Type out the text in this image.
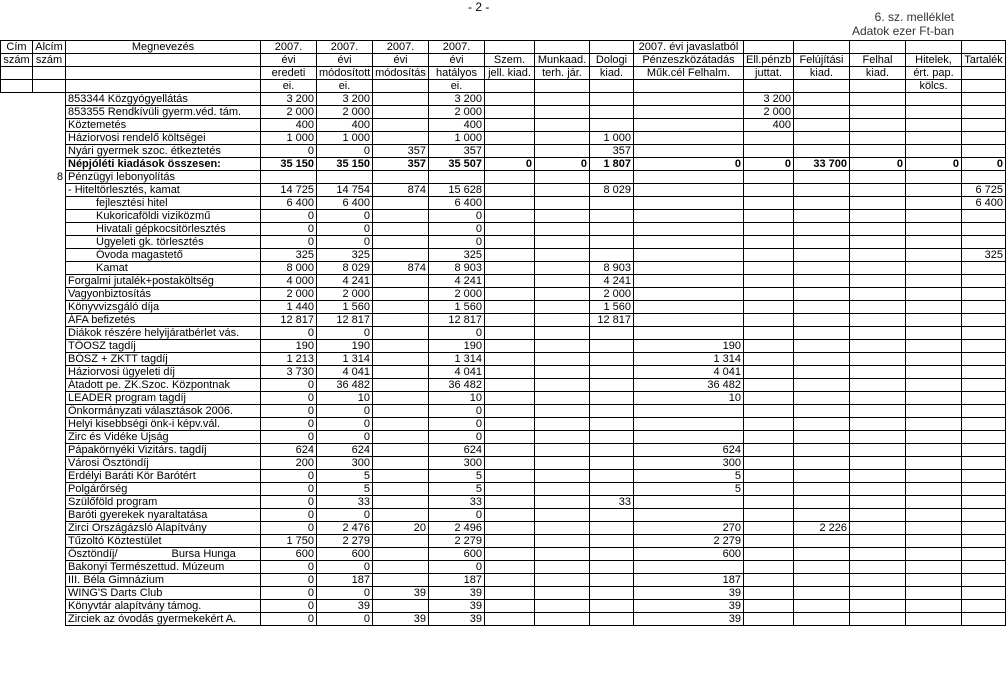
- 2 -
6. sz. melléklet
Adatok ezer Ft-ban
Cím	Alcím	Megnevezés	2007.	2007.	2007.	2007.				2007. évi javaslatból						
szám	szám		évi	évi	évi	évi	Szem.	Munkaad.	Dologi	Pénzeszközátadás	Ell.pénzb	Felújítási	Felhal	Hitelek,	Tartalék	
			eredeti	módosított	módosítás	hatályos	jell. kiad.	terh. jár.	kiad.	Műk.cél Felhalm.	juttat.	kiad.	kiad.	ért. pap.		
			ei.	ei.		ei.								kölcs.		
		853344 Közgyógyellátás	3 200	3 200		3 200					3 200					
		853355 Rendkívüli gyerm.véd. tám.	2 000	2 000		2 000					2 000					
		Köztemetés	400	400		400					400					
		Háziorvosi rendelő költségei	1 000	1 000		1 000			1 000							
		Nyári gyermek szoc. étkeztetés	0	0	357	357			357							
		Népjóléti kiadások összesen:	35 150	35 150	357	35 507	0	0	1 807	0	0	33 700	0	0	0	
	8	Pénzügyi lebonyolítás														
		- Hiteltörlesztés, kamat	14 725	14 754	874	15 628			8 029						6 725	
		fejlesztési hitel	6 400	6 400		6 400									6 400	
		Kukoricaföldi viziközmű	0	0		0										
		Hivatali gépkocsitörlesztés	0	0		0										
		Ügyeleti gk. törlesztés	0	0		0										
		Óvoda magastető	325	325		325									325	
		Kamat	8 000	8 029	874	8 903			8 903							
		Forgalmi jutalék+postaköltség	4 000	4 241		4 241			4 241							
		Vagyonbiztosítás	2 000	2 000		2 000			2 000							
		Könyvvizsgáló díja	1 440	1 560		1 560			1 560							
		ÁFA befizetés	12 817	12 817		12 817			12 817							
		Diákok részére helyijáratbérlet vás.	0	0		0										
		TÖOSZ tagdíj	190	190		190				190						
		BÖSZ + ZKTT tagdíj	1 213	1 314		1 314				1 314						
		Háziorvosi ügyeleti díj	3 730	4 041		4 041				4 041						
		Átadott pe. ZK.Szoc. Központnak	0	36 482		36 482				36 482						
		LEADER program tagdíj	0	10		10				10						
		Önkormányzati választások 2006.	0	0		0										
		Helyi kisebbségi önk-i képv.vál.	0	0		0										
		Zirc és Vidéke Újság	0	0		0										
		Pápakörnyéki Vizitárs. tagdíj	624	624		624				624						
		Városi Ösztöndíj	200	300		300				300						
		Erdélyi Baráti Kör Barótért	0	5		5				5						
		Polgárőrség	0	5		5				5						
		Szülőföld program	0	33		33			33							
		Baróti gyerekek nyaraltatása	0	0		0										
		Zirci Országázsló Alapítvány	0	2 476	20	2 496				270		2 226				
		Tűzoltó Köztestület	1 750	2 279		2 279				2 279						
		Ösztöndíj/ Bursa Hunga	600	600		600				600						
		Bakonyi Természettud. Múzeum	0	0		0										
		III. Béla Gimnázium	0	187		187				187						
		WING'S Darts Club	0	0	39	39				39						
		Könyvtár alapítvány támog.	0	39		39				39						
		Zirciek az óvodás gyermekekért A.	0	0	39	39				39						
